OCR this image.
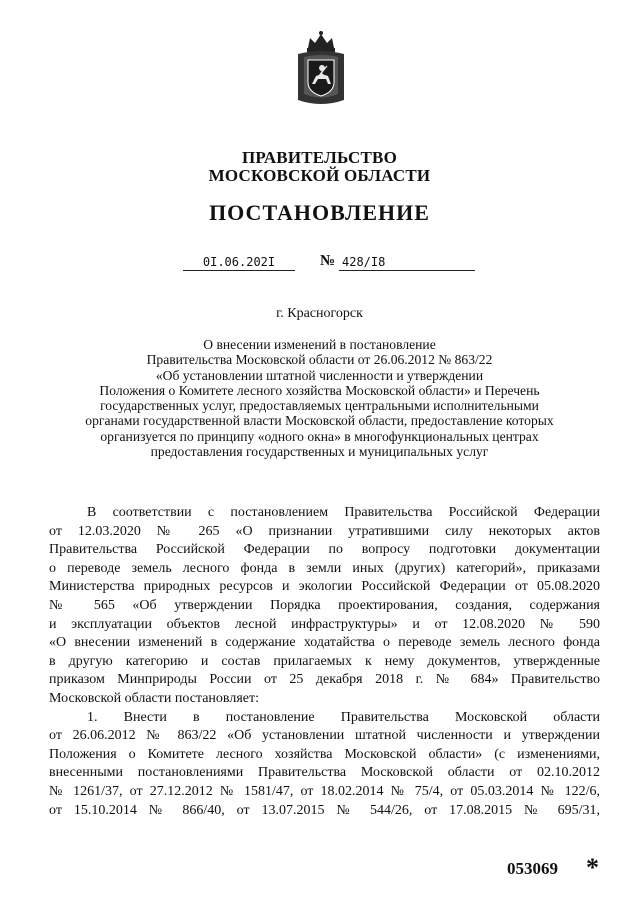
ПРАВИТЕЛЬСТВО
МОСКОВСКОЙ ОБЛАСТИ
ПОСТАНОВЛЕНИЕ
0I.06.202I	№ 428/I8
г. Красногорск
О внесении изменений в постановление
Правительства Московской области от 26.06.2012 № 863/22
«Об установлении штатной численности и утверждении
Положения о Комитете лесного хозяйства Московской области» и Перечень
государственных услуг, предоставляемых центральными исполнительными
органами государственной власти Московской области, предоставление которых
организуется по принципу «одного окна» в многофункциональных центрах
предоставления государственных и муниципальных услуг
В соответствии с постановлением Правительства Российской Федерации
от 12.03.2020 № 265 «О признании утратившими силу некоторых актов
Правительства Российской Федерации по вопросу подготовки документации
о переводе земель лесного фонда в земли иных (других) категорий», приказами
Министерства природных ресурсов и экологии Российской Федерации от 05.08.2020
№ 565 «Об утверждении Порядка проектирования, создания, содержания
и эксплуатации объектов лесной инфраструктуры» и от 12.08.2020 № 590
«О внесении изменений в содержание ходатайства о переводе земель лесного фонда
в другую категорию и состав прилагаемых к нему документов, утвержденные
приказом Минприроды России от 25 декабря 2018 г. № 684» Правительство
Московской области постановляет:
1. Внести в постановление Правительства Московской области
от 26.06.2012 № 863/22 «Об установлении штатной численности и утверждении
Положения о Комитете лесного хозяйства Московской области» (с изменениями,
внесенными постановлениями Правительства Московской области от 02.10.2012
№ 1261/37, от 27.12.2012 № 1581/47, от 18.02.2014 № 75/4, от 05.03.2014 № 122/6,
от 15.10.2014 № 866/40, от 13.07.2015 № 544/26, от 17.08.2015 № 695/31,
053069 *
